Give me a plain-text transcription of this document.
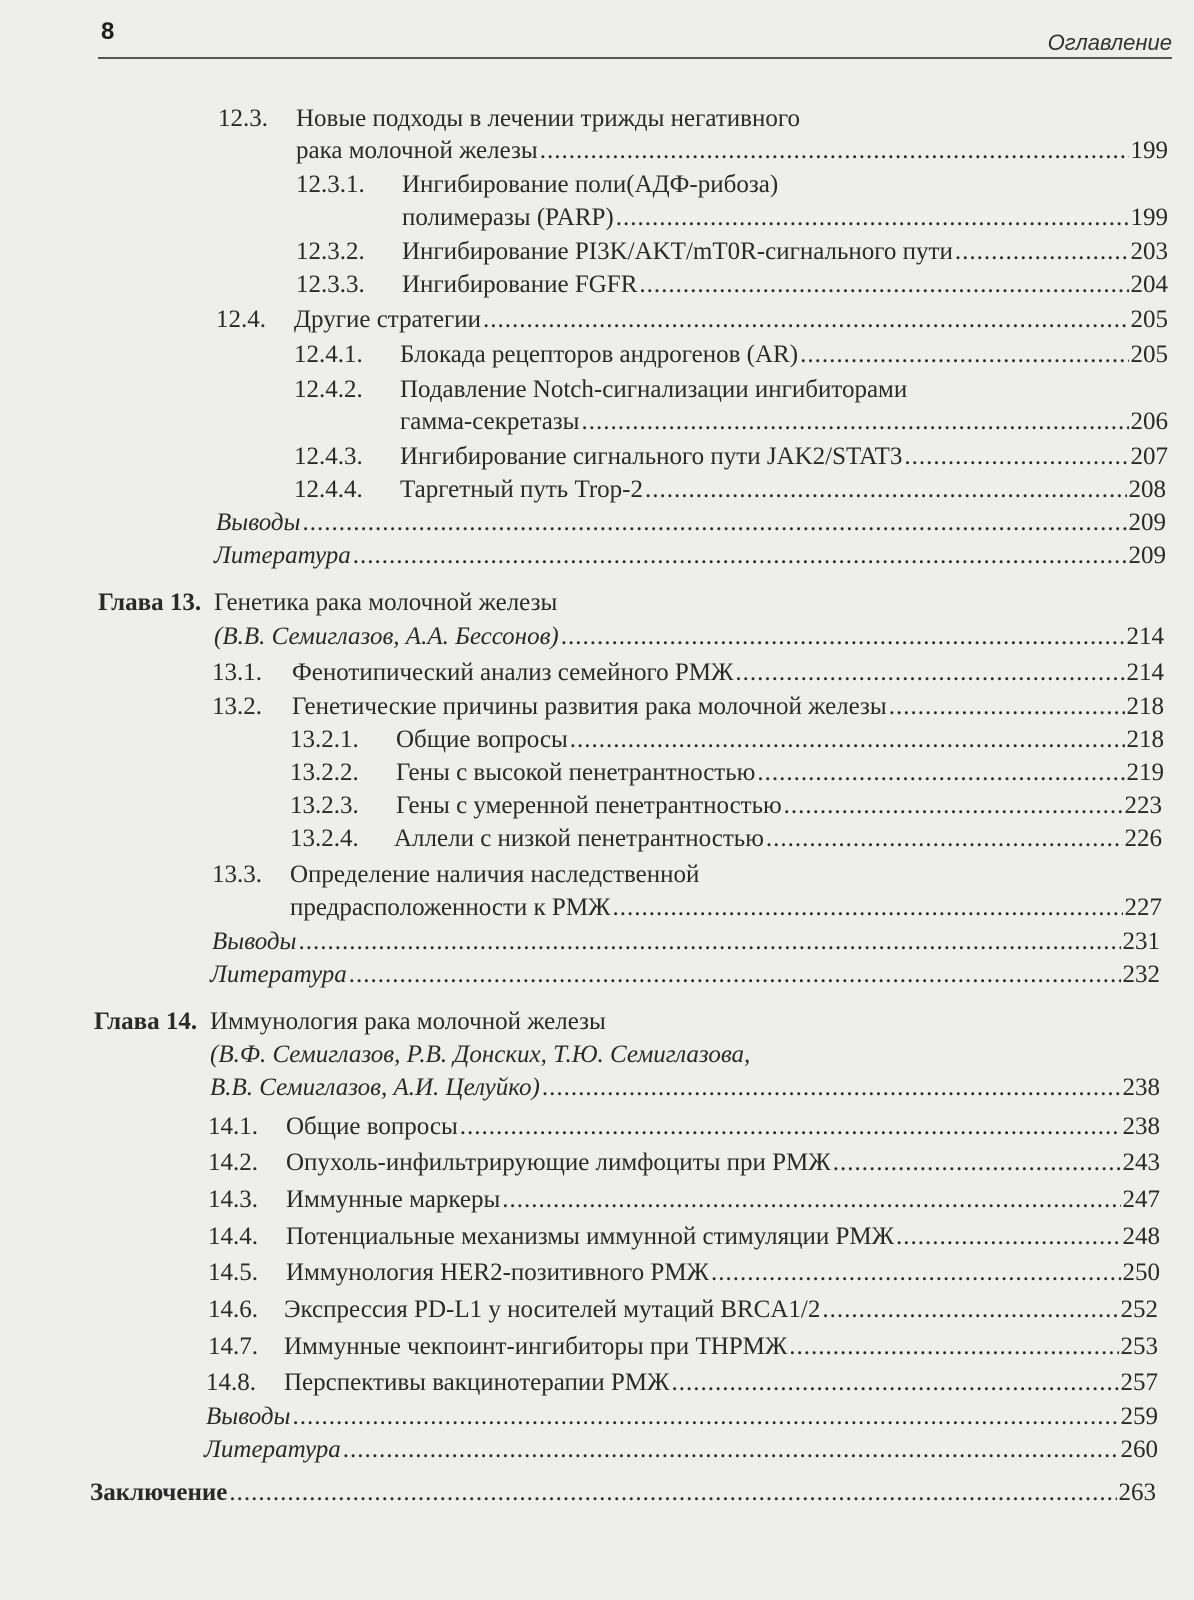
8	Оглавление
12.3.	Новые подходы в лечении трижды негативного
рака молочной железы .....	199
12.3.1.	Ингибирование поли(АДФ-рибоза)
полимеразы (PARP) .....	199
12.3.2.	Ингибирование PI3K/AKT/mT0R-сигнального пути .....	203
12.3.3.	Ингибирование FGFR .....	204
12.4.	Другие стратегии .....	205
12.4.1.	Блокада рецепторов андрогенов (AR) .....	205
12.4.2.	Подавление Notch-сигнализации ингибиторами
гамма-секретазы .....	206
12.4.3.	Ингибирование сигнального пути JAK2/STAT3 .....	207
12.4.4.	Таргетный путь Trop-2 .....	208
Выводы .....	209
Литература .....	209
Глава 13. Генетика рака молочной железы
(В.В. Семиглазов, А.А. Бессонов) .....	214
13.1.	Фенотипический анализ семейного РМЖ .....	214
13.2.	Генетические причины развития рака молочной железы .....	218
13.2.1.	Общие вопросы .....	218
13.2.2.	Гены с высокой пенетрантностью .....	219
13.2.3.	Гены с умеренной пенетрантностью .....	223
13.2.4.	Аллели с низкой пенетрантностью .....	226
13.3.	Определение наличия наследственной
предрасположенности к РМЖ .....	227
Выводы .....	231
Литература .....	232
Глава 14. Иммунология рака молочной железы
(В.Ф. Семиглазов, Р.В. Донских, Т.Ю. Семиглазова,
В.В. Семиглазов, А.И. Целуйко) .....	238
14.1.	Общие вопросы .....	238
14.2.	Опухоль-инфильтрирующие лимфоциты при РМЖ .....	243
14.3.	Иммунные маркеры .....	247
14.4.	Потенциальные механизмы иммунной стимуляции РМЖ .....	248
14.5.	Иммунология HER2-позитивного РМЖ .....	250
14.6.	Экспрессия PD-L1 у носителей мутаций BRCA1/2 .....	252
14.7.	Иммунные чекпоинт-ингибиторы при ТНРМЖ .....	253
14.8.	Перспективы вакцинотерапии РМЖ .....	257
Выводы .....	259
Литература .....	260
Заключение .....	263
